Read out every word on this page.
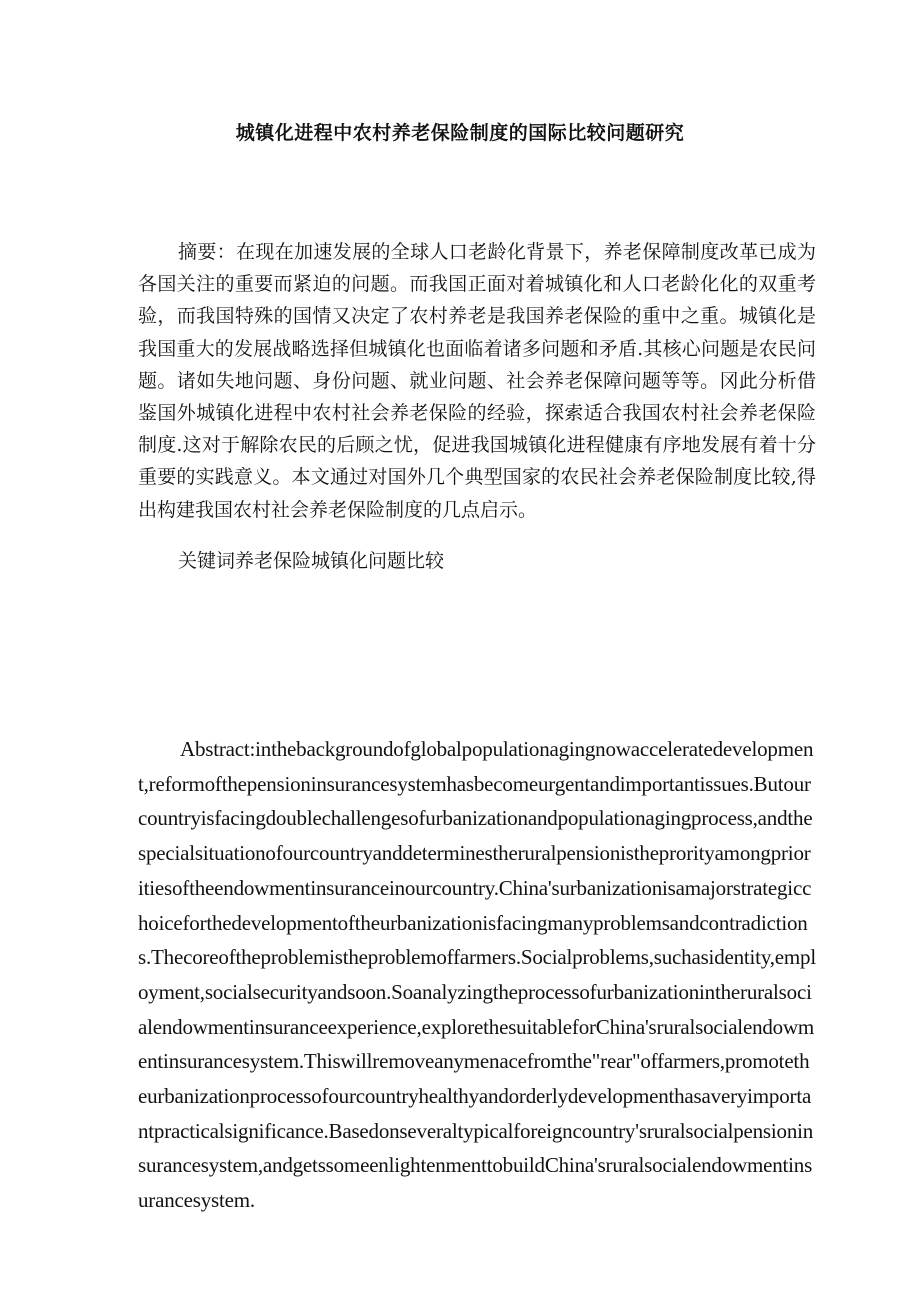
城镇化进程中农村养老保险制度的国际比较问题研究

摘要：在现在加速发展的全球人口老龄化背景下，养老保障制度改革已成为各国关注的重要而紧迫的问题。而我国正面对着城镇化和人口老龄化化的双重考验，而我国特殊的国情又决定了农村养老是我国养老保险的重中之重。城镇化是我国重大的发展战略选择但城镇化也面临着诸多问题和矛盾.其核心问题是农民问题。诸如失地问题、身份问题、就业问题、社会养老保障问题等等。冈此分析借鉴国外城镇化进程中农村社会养老保险的经验，探索适合我国农村社会养老保险制度.这对于解除农民的后顾之忧，促进我国城镇化进程健康有序地发展有着十分重要的实践意义。本文通过对国外几个典型国家的农民社会养老保险制度比较,得出构建我国农村社会养老保险制度的几点启示。

关键词养老保险城镇化问题比较

Abstract:inthebackgroundofglobalpopulationagingnowacceleratedevelopment,reformofthepensioninsurancesystemhasbecomeurgentandimportantissues.Butourcountryisfacingdoublechallengesofurbanizationandpopulationagingprocess,andthespecialsituationofourcountryanddeterminestheruralpensionistheprorityamongprioritiesoftheendowmentinsuranceinourcountry.China'surbanizationisamajorstrategicchoiceforthedevelopmentoftheurbanizationisfacingmanyproblemsandcontradictions.Thecoreoftheproblemistheproblemoffarmers.Socialproblems,suchasidentity,employment,socialsecurityandsoon.Soanalyzingtheprocessofurbanizationintheruralsocialendowmentinsuranceexperience,explorethesuitableforChina'sruralsocialendowmentinsurancesystem.Thiswillremoveanymenacefromthe"rear"offarmers,promotetheurbanizationprocessofourcountryhealthyandorderlydevelopmenthasaveryimportantpracticalsignificance.Basedonseveraltypicalforeigncountry'sruralsocialpensioninsurancesystem,andgetssomeenlightenmenttobuildChina'sruralsocialendowmentinsurancesystem.
